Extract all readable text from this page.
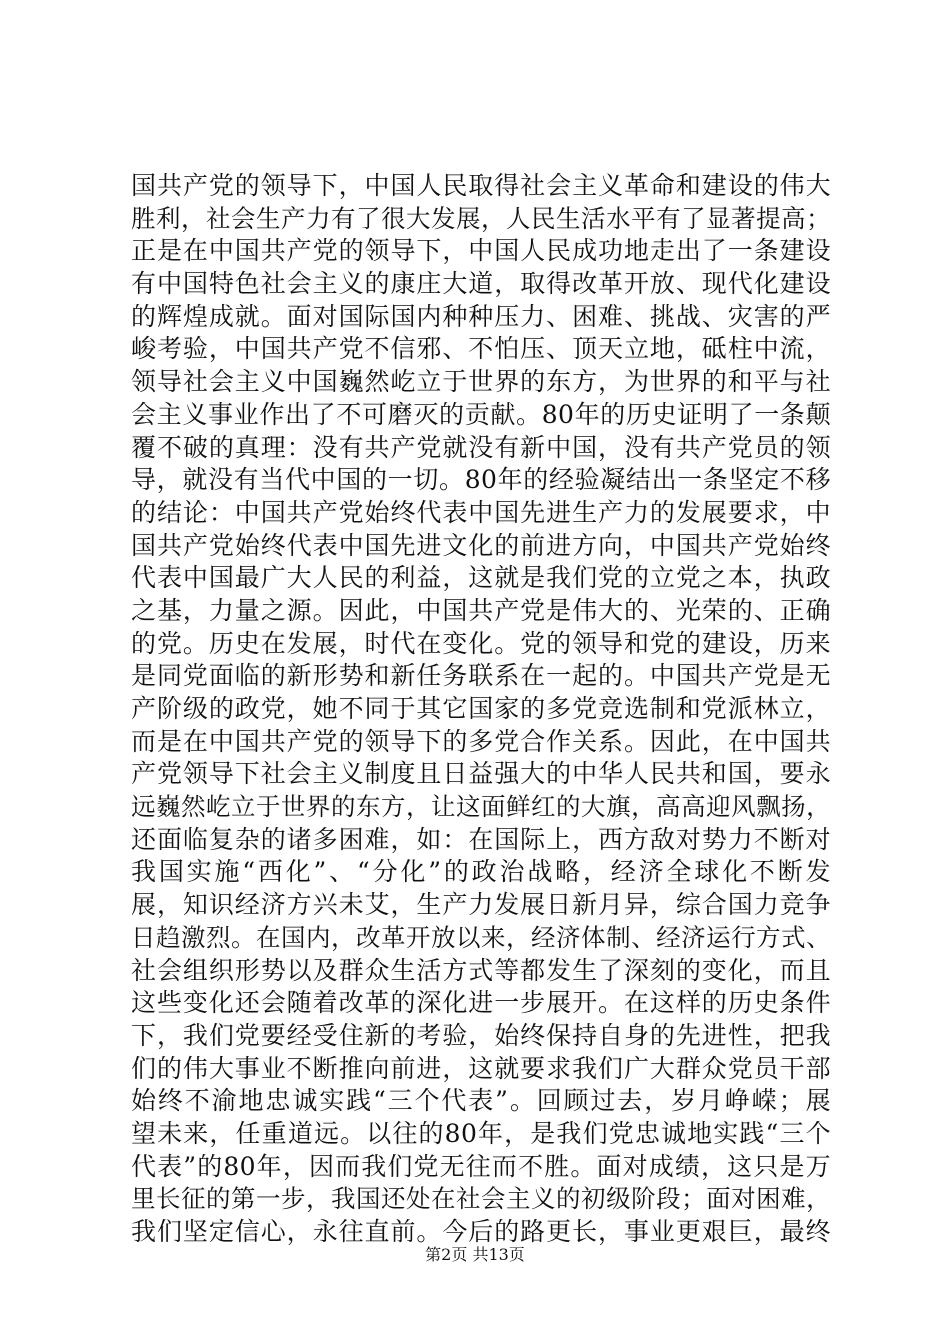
国共产党的领导下，中国人民取得社会主义革命和建设的伟大
胜利，社会生产力有了很大发展，人民生活水平有了显著提高；
正是在中国共产党的领导下，中国人民成功地走出了一条建设
有中国特色社会主义的康庄大道，取得改革开放、现代化建设
的辉煌成就。面对国际国内种种压力、困难、挑战、灾害的严
峻考验，中国共产党不信邪、不怕压、顶天立地，砥柱中流，
领导社会主义中国巍然屹立于世界的东方，为世界的和平与社
会主义事业作出了不可磨灭的贡献。80年的历史证明了一条颠
覆不破的真理：没有共产党就没有新中国，没有共产党员的领
导，就没有当代中国的一切。80年的经验凝结出一条坚定不移
的结论：中国共产党始终代表中国先进生产力的发展要求，中
国共产党始终代表中国先进文化的前进方向，中国共产党始终
代表中国最广大人民的利益，这就是我们党的立党之本，执政
之基，力量之源。因此，中国共产党是伟大的、光荣的、正确
的党。历史在发展，时代在变化。党的领导和党的建设，历来
是同党面临的新形势和新任务联系在一起的。中国共产党是无
产阶级的政党，她不同于其它国家的多党竞选制和党派林立，
而是在中国共产党的领导下的多党合作关系。因此，在中国共
产党领导下社会主义制度且日益强大的中华人民共和国，要永
远巍然屹立于世界的东方，让这面鲜红的大旗，高高迎风飘扬，
还面临复杂的诸多困难，如：在国际上，西方敌对势力不断对
我国实施“西化”、“分化”的政治战略，经济全球化不断发
展，知识经济方兴未艾，生产力发展日新月异，综合国力竞争
日趋激烈。在国内，改革开放以来，经济体制、经济运行方式、
社会组织形势以及群众生活方式等都发生了深刻的变化，而且
这些变化还会随着改革的深化进一步展开。在这样的历史条件
下，我们党要经受住新的考验，始终保持自身的先进性，把我
们的伟大事业不断推向前进，这就要求我们广大群众党员干部
始终不渝地忠诚实践“三个代表”。回顾过去，岁月峥嵘；展
望未来，任重道远。以往的80年，是我们党忠诚地实践“三个
代表”的80年，因而我们党无往而不胜。面对成绩，这只是万
里长征的第一步，我国还处在社会主义的初级阶段；面对困难，
我们坚定信心，永往直前。今后的路更长，事业更艰巨，最终
第2页 共13页
